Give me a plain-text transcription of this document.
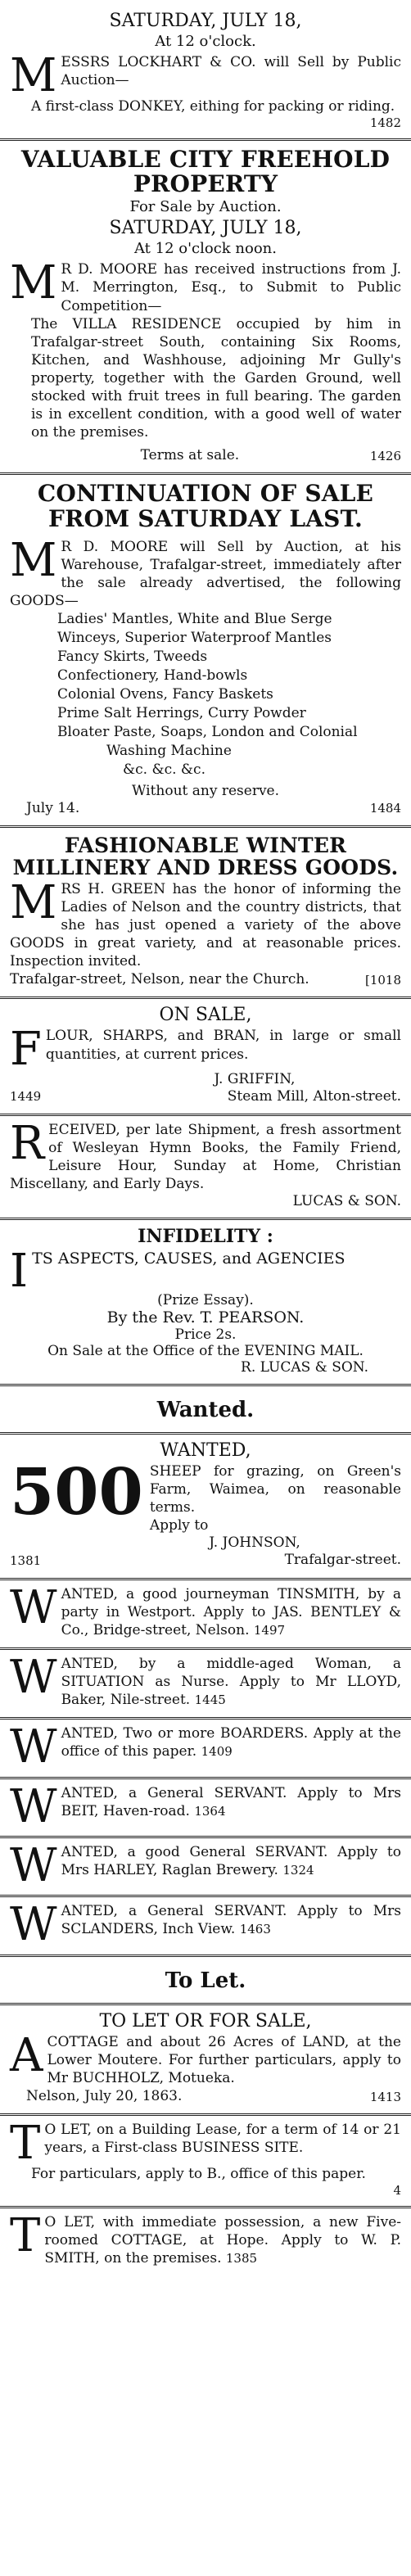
SATURDAY, JULY 18,
At 12 o'clock.
M ESSRS LOCKHART & CO. will Sell by Public Auction—

A first-class DONKEY, eithing for packing or riding.

1482
VALUABLE CITY FREEHOLD PROPERTY
For Sale by Auction.
SATURDAY, JULY 18,
At 12 o'clock noon.
M R D. MOORE has received instructions from J. M. Merrington, Esq., to Submit to Public Competition—

The VILLA RESIDENCE occupied by him in Trafalgar-street South, containing Six Rooms, Kitchen, and Washhouse, adjoining Mr Gully's property, together with the Garden Ground, well stocked with fruit trees in full bearing. The garden is in excellent condition, with a good well of water on the premises.

Terms at sale.	1426
CONTINUATION OF SALE FROM SATURDAY LAST.
M R D. MOORE will Sell by Auction, at his Warehouse, Trafalgar-street, immediately after the sale already advertised, the following GOODS—

Ladies' Mantles, White and Blue Serge
Winceys, Superior Waterproof Mantles
Fancy Skirts, Tweeds
Confectionery, Hand-bowls
Colonial Ovens, Fancy Baskets
Prime Salt Herrings, Curry Powder
Bloater Paste, Soaps, London and Colonial
Washing Machine
&c. &c. &c.
Without any reserve.
July 14.	1484
FASHIONABLE WINTER MILLINERY AND DRESS GOODS.
M RS H. GREEN has the honor of informing the Ladies of Nelson and the country districts, that she has just opened a variety of the above GOODS in great variety, and at reasonable prices. Inspection invited.

Trafalgar-street, Nelson, near the Church.	[1018
ON SALE,
F LOUR, SHARPS, and BRAN, in large or small quantities, at current prices.

J. GRIFFIN,
1449	Steam Mill, Alton-street.
R ECEIVED, per late Shipment, a fresh assortment of Wesleyan Hymn Books, the Family Friend, Leisure Hour, Sunday at Home, Christian Miscellany, and Early Days.

LUCAS & SON.
INFIDELITY :
I TS ASPECTS, CAUSES, and AGENCIES

(Prize Essay).
By the Rev. T. PEARSON.
Price 2s.
On Sale at the Office of the EVENING MAIL.
R. LUCAS & SON.
Wanted.
WANTED,
500 SHEEP for grazing, on Green's Farm, Waimea, on reasonable terms.

Apply to

J. JOHNSON,
1381	Trafalgar-street.
W ANTED, a good journeyman TINSMITH, by a party in Westport. Apply to JAS. BENTLEY & Co., Bridge-street, Nelson. 1497

W ANTED, by a middle-aged Woman, a SITUATION as Nurse. Apply to Mr LLOYD, Baker, Nile-street. 1445

W ANTED, Two or more BOARDERS. Apply at the office of this paper. 1409

W ANTED, a General SERVANT. Apply to Mrs BEIT, Haven-road. 1364

W ANTED, a good General SERVANT. Apply to Mrs HARLEY, Raglan Brewery. 1324

W ANTED, a General SERVANT. Apply to Mrs SCLANDERS, Inch View. 1463

To Let.
TO LET OR FOR SALE,
A COTTAGE and about 26 Acres of LAND, at the Lower Moutere. For further particulars, apply to Mr BUCHHOLZ, Motueka.

Nelson, July 20, 1863.	1413
T O LET, on a Building Lease, for a term of 14 or 21 years, a First-class BUSINESS SITE.

For particulars, apply to B., office of this paper.

4
T O LET, with immediate possession, a new Five-roomed COTTAGE, at Hope. Apply to W. P. SMITH, on the premises. 1385
